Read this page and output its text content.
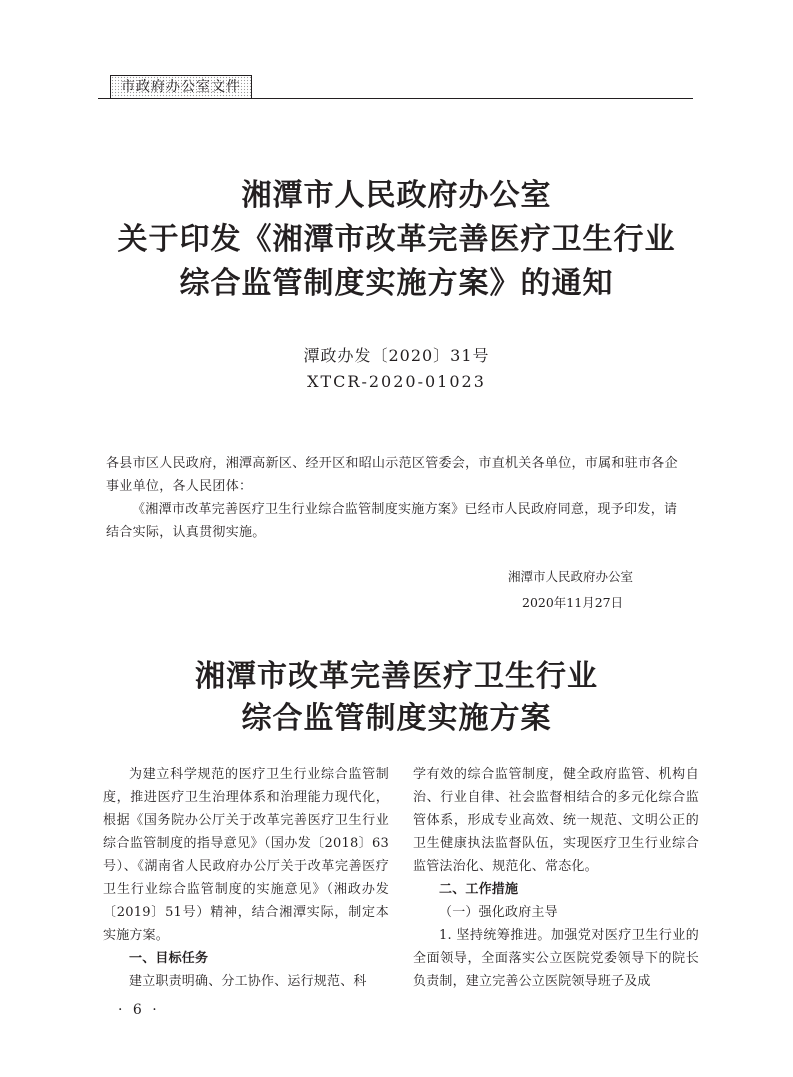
市政府办公室文件
湘潭市人民政府办公室
关于印发《湘潭市改革完善医疗卫生行业
综合监管制度实施方案》的通知
潭政办发〔2020〕31号
XTCR-2020-01023
各县市区人民政府，湘潭高新区、经开区和昭山示范区管委会，市直机关各单位，市属和驻市各企事业单位，各人民团体：
《湘潭市改革完善医疗卫生行业综合监管制度实施方案》已经市人民政府同意，现予印发，请结合实际，认真贯彻实施。
湘潭市人民政府办公室
2020年11月27日
湘潭市改革完善医疗卫生行业
综合监管制度实施方案

为建立科学规范的医疗卫生行业综合监管制度，推进医疗卫生治理体系和治理能力现代化，根据《国务院办公厅关于改革完善医疗卫生行业综合监管制度的指导意见》（国办发〔2018〕63号）、《湖南省人民政府办公厅关于改革完善医疗卫生行业综合监管制度的实施意见》（湘政办发〔2019〕51号）精神，结合湘潭实际，制定本实施方案。

一、目标任务

建立职责明确、分工协作、运行规范、科

学有效的综合监管制度，健全政府监管、机构自治、行业自律、社会监督相结合的多元化综合监管体系，形成专业高效、统一规范、文明公正的卫生健康执法监督队伍，实现医疗卫生行业综合监管法治化、规范化、常态化。

二、工作措施

（一）强化政府主导

1. 坚持统筹推进。加强党对医疗卫生行业的全面领导，全面落实公立医院党委领导下的院长负责制，建立完善公立医院领导班子及成

· 6 ·
